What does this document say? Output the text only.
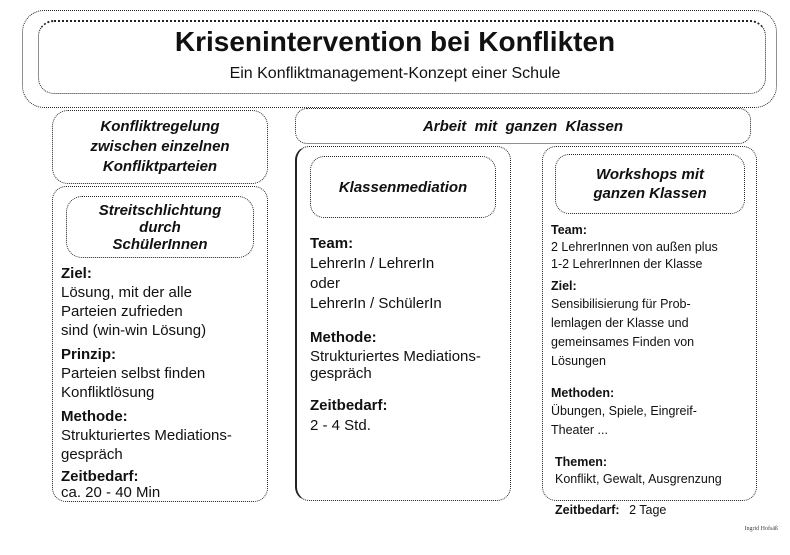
Krisenintervention bei Konflikten
Ein Konfliktmanagement-Konzept einer Schule
Konfliktregelung
zwischen einzelnen
Konfliktparteien
Streitschlichtung
durch
SchülerInnen
Ziel:
Lösung, mit der alle
Parteien zufrieden
sind (win-win Lösung)
Prinzip:
Parteien selbst finden
Konfliktlösung
Methode:
Strukturiertes Mediations-
gespräch
Zeitbedarf:
ca. 20 - 40 Min
Arbeit  mit  ganzen  Klassen
Klassenmediation
Team:
LehrerIn / LehrerIn
oder
LehrerIn / SchülerIn
Methode:
Strukturiertes Mediations-
gespräch
Zeitbedarf:
2 - 4 Std.
Workshops mit
ganzen Klassen
Team:
2 LehrerInnen von außen plus
1-2 LehrerInnen der Klasse
Ziel:
Sensibilisierung für Prob-
lemlagen der Klasse und
gemeinsames Finden von
Lösungen
Methoden:
Übungen, Spiele, Eingreif-
Theater ...
Themen:
Konflikt, Gewalt, Ausgrenzung
Zeitbedarf: 2 Tage
Ingrid Hofsäß
